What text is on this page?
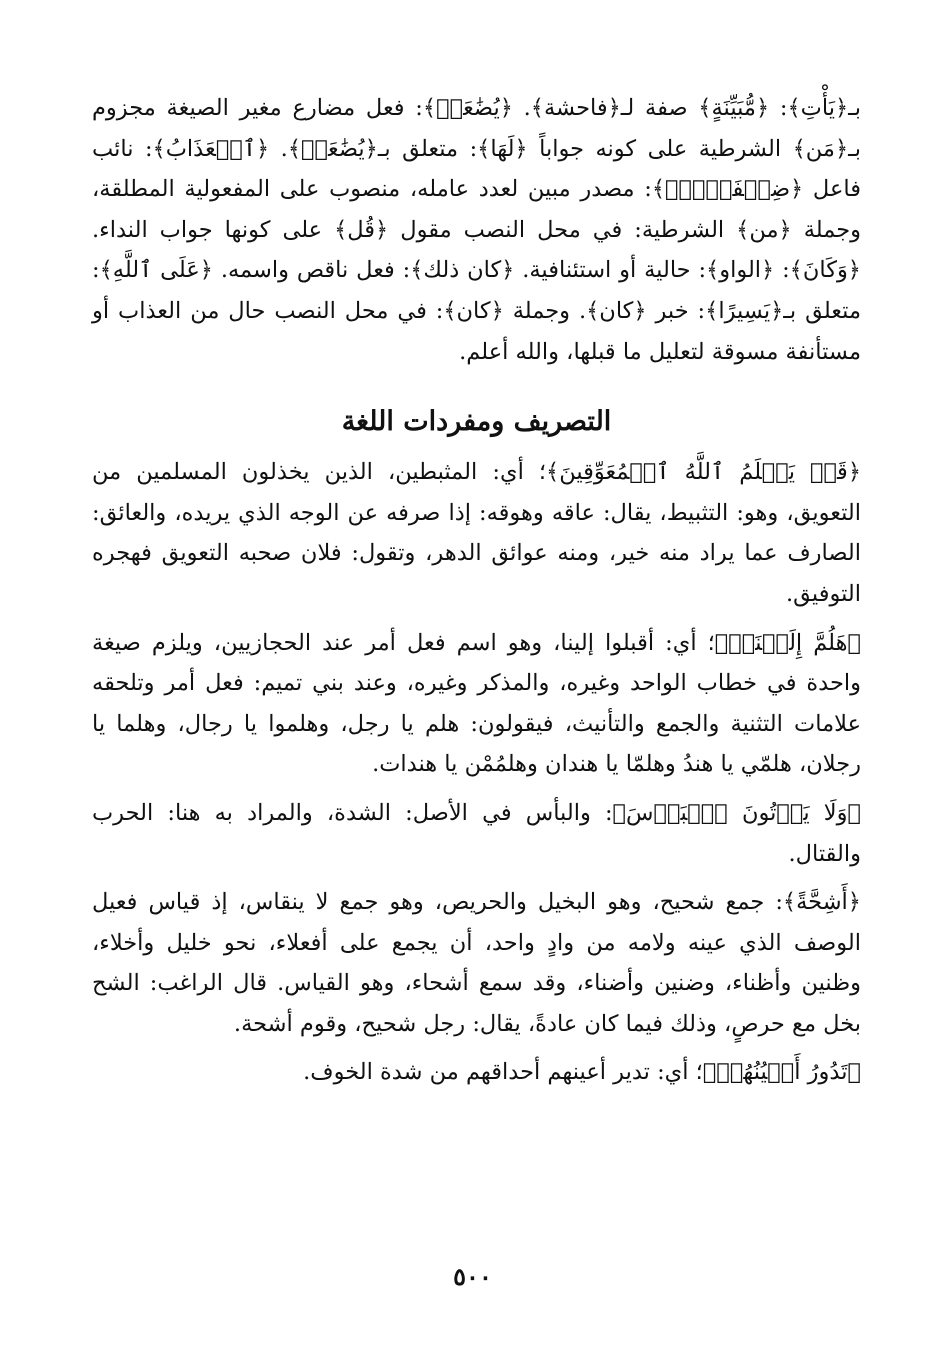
بـ﴿يَأْتِ﴾: ﴿مُّبَيِّنَةٍ﴾ صفة لـ﴿فاحشة﴾. ﴿يُضَٰعَفۡ﴾: فعل مضارع مغير الصيغة مجزوم بـ﴿مَن﴾ الشرطية على كونه جواباً ﴿لَهَا﴾: متعلق بـ﴿يُضَٰعَفۡ﴾. ﴿ٱلۡعَذَابُ﴾: نائب فاعل ﴿ضِعۡفَيۡنِۚ﴾: مصدر مبين لعدد عامله، منصوب على المفعولية المطلقة، وجملة ﴿من﴾ الشرطية: في محل النصب مقول ﴿قُل﴾ على كونها جواب النداء. ﴿وَكَانَ﴾: ﴿الواو﴾: حالية أو استئنافية. ﴿كان ذلك﴾: فعل ناقص واسمه. ﴿عَلَى ٱللَّهِ﴾: متعلق بـ﴿يَسِيرًا﴾: خبر ﴿كان﴾. وجملة ﴿كان﴾: في محل النصب حال من العذاب أو مستأنفة مسوقة لتعليل ما قبلها، والله أعلم.

التصريف ومفردات اللغة

﴿قَدۡ يَعۡلَمُ ٱللَّهُ ٱلۡمُعَوِّقِينَ﴾؛ أي: المثبطين، الذين يخذلون المسلمين من التعويق، وهو: التثبيط، يقال: عاقه وهوقه: إذا صرفه عن الوجه الذي يريده، والعائق: الصارف عما يراد منه خير، ومنه عوائق الدهر، وتقول: فلان صحبه التعويق فهجره التوفيق.

﴿هَلُمَّ إِلَيۡنَاۖ﴾؛ أي: أقبلوا إلينا، وهو اسم فعل أمر عند الحجازيين، ويلزم صيغة واحدة في خطاب الواحد وغيره، والمذكر وغيره، وعند بني تميم: فعل أمر وتلحقه علامات التثنية والجمع والتأنيث، فيقولون: هلم يا رجل، وهلموا يا رجال، وهلما يا رجلان، هلمّي يا هندُ وهلمّا يا هندان وهلمُمْن يا هندات.

﴿وَلَا يَأۡتُونَ ٱلۡبَأۡسَ﴾: والبأس في الأصل: الشدة، والمراد به هنا: الحرب والقتال.

﴿أَشِحَّةً﴾: جمع شحيح، وهو البخيل والحريص، وهو جمع لا ينقاس، إذ قياس فعيل الوصف الذي عينه ولامه من وادٍ واحد، أن يجمع على أفعلاء، نحو خليل وأخلاء، وظنين وأظناء، وضنين وأضناء، وقد سمع أشحاء، وهو القياس. قال الراغب: الشح بخل مع حرصٍ، وذلك فيما كان عادةً، يقال: رجل شحيح، وقوم أشحة.

﴿تَدُورُ أَعۡيُنُهُمۡ﴾؛ أي: تدير أعينهم أحداقهم من شدة الخوف.

٥٠٠
